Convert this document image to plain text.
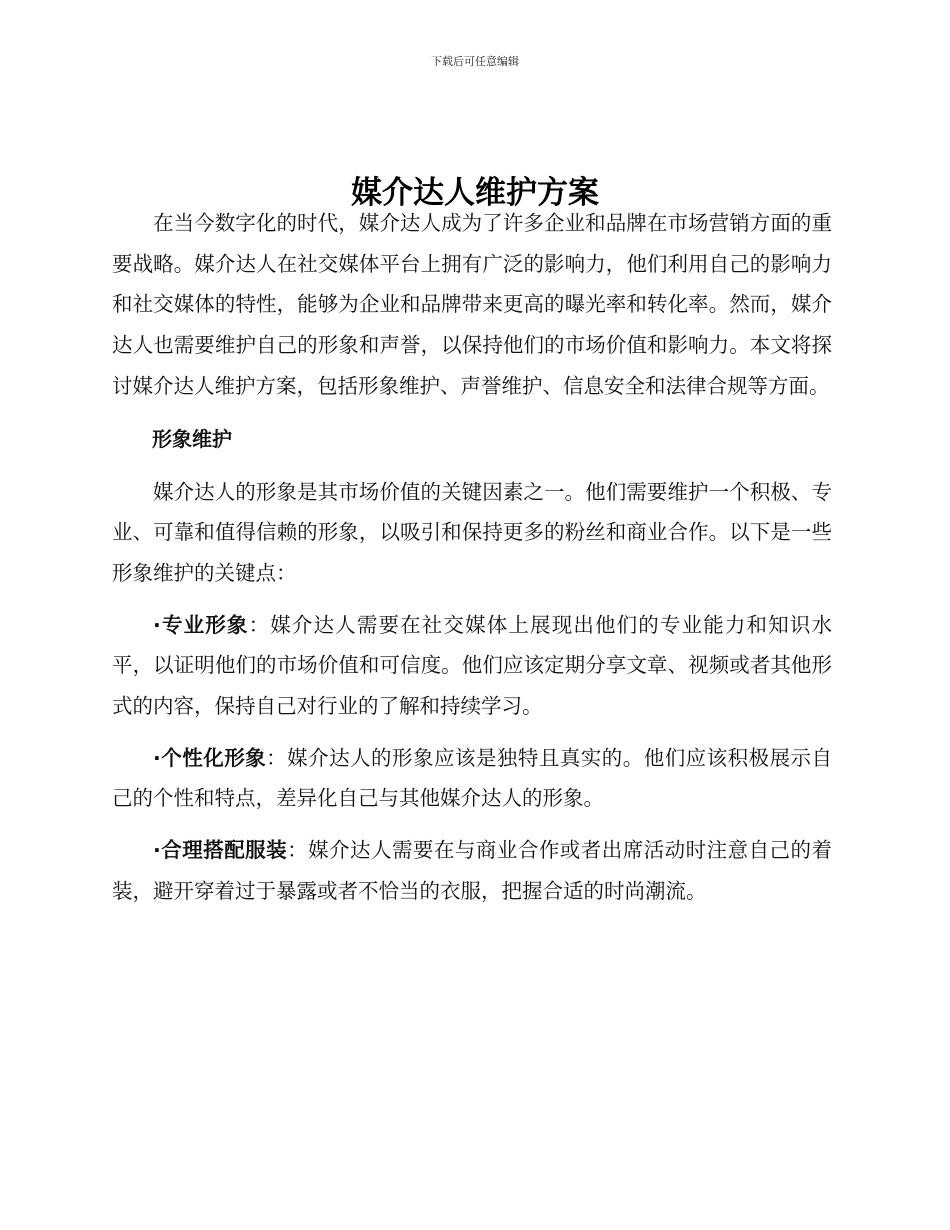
下载后可任意编辑
媒介达人维护方案

在当今数字化的时代，媒介达人成为了许多企业和品牌在市场营销方面的重要战略。媒介达人在社交媒体平台上拥有广泛的影响力，他们利用自己的影响力和社交媒体的特性，能够为企业和品牌带来更高的曝光率和转化率。然而，媒介达人也需要维护自己的形象和声誉，以保持他们的市场价值和影响力。本文将探讨媒介达人维护方案，包括形象维护、声誉维护、信息安全和法律合规等方面。

形象维护

媒介达人的形象是其市场价值的关键因素之一。他们需要维护一个积极、专业、可靠和值得信赖的形象，以吸引和保持更多的粉丝和商业合作。以下是一些形象维护的关键点：

·专业形象：媒介达人需要在社交媒体上展现出他们的专业能力和知识水平，以证明他们的市场价值和可信度。他们应该定期分享文章、视频或者其他形式的内容，保持自己对行业的了解和持续学习。

·个性化形象：媒介达人的形象应该是独特且真实的。他们应该积极展示自己的个性和特点，差异化自己与其他媒介达人的形象。

·合理搭配服装：媒介达人需要在与商业合作或者出席活动时注意自己的着装，避开穿着过于暴露或者不恰当的衣服，把握合适的时尚潮流。
